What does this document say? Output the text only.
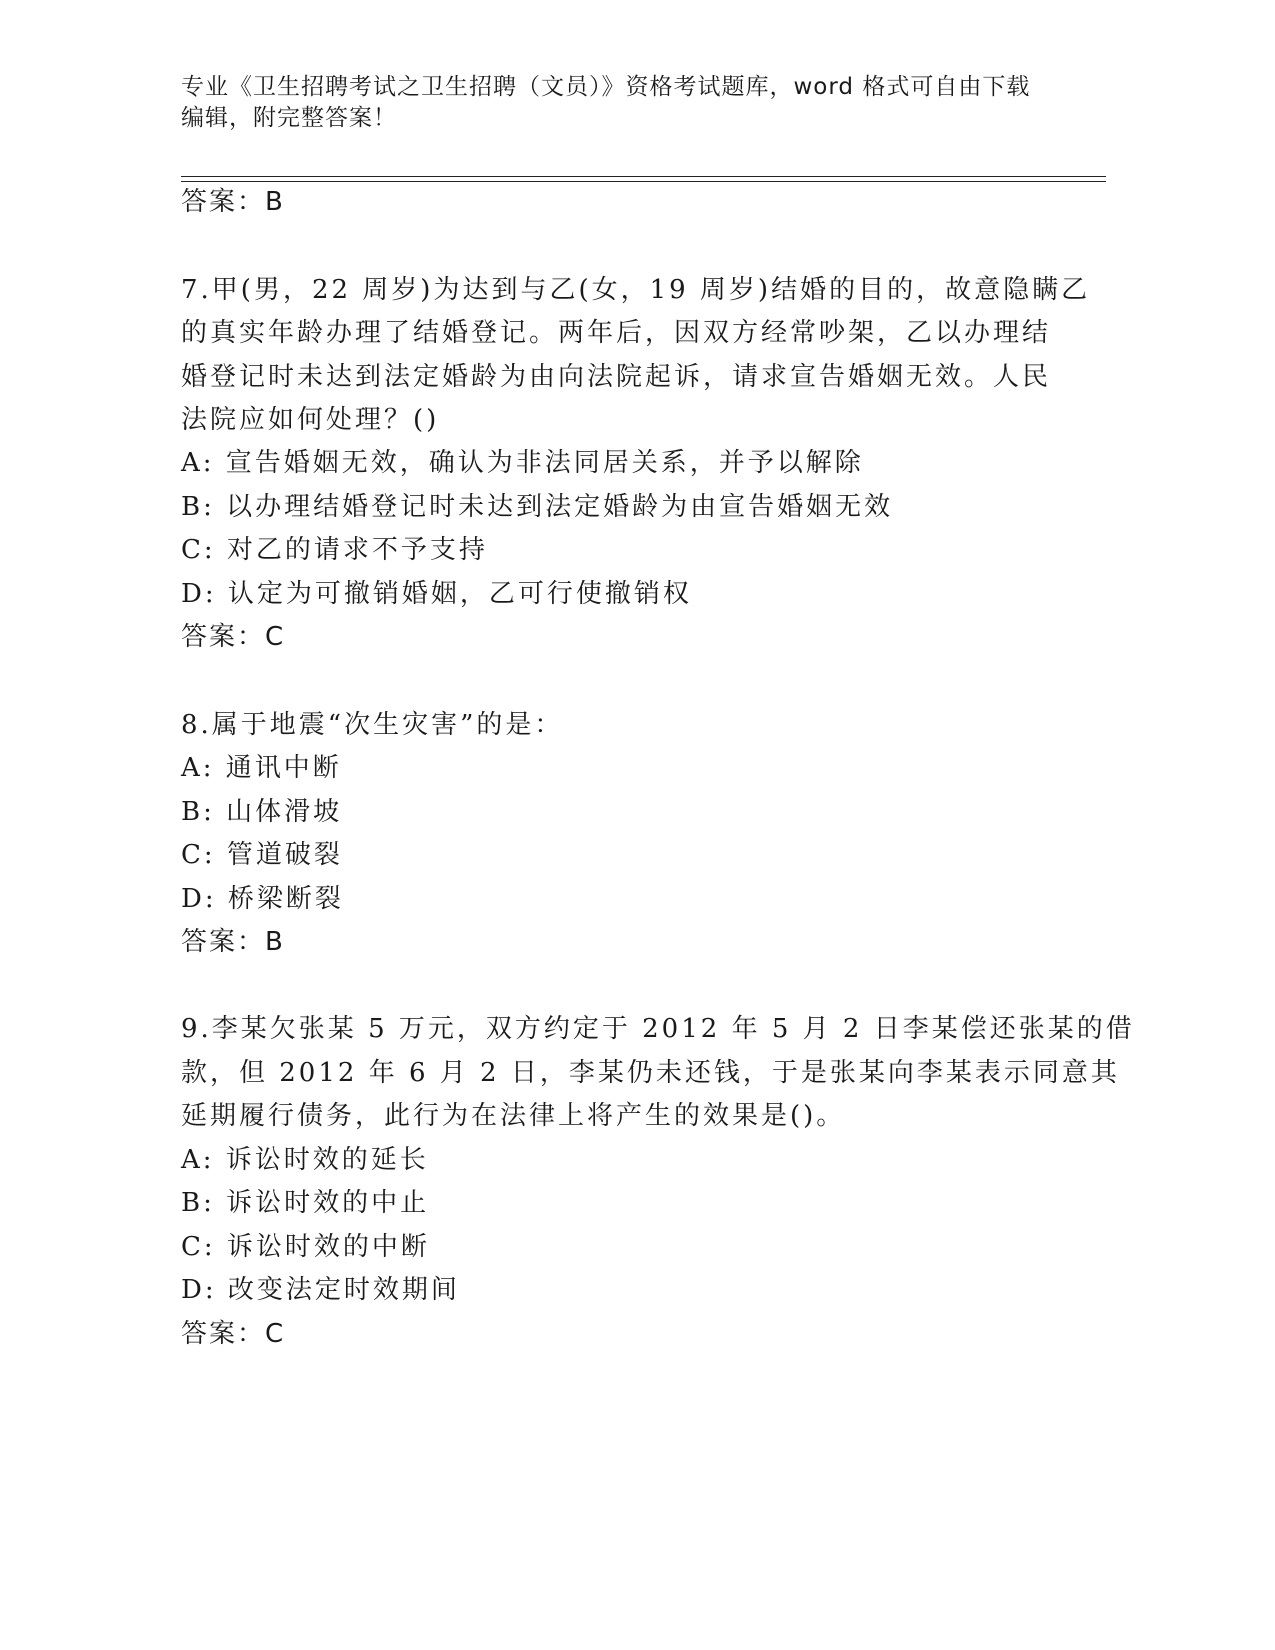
专业《卫生招聘考试之卫生招聘（文员）》资格考试题库，word 格式可自由下载
编辑，附完整答案！
答案：B
7.甲(男，22 周岁)为达到与乙(女，19 周岁)结婚的目的，故意隐瞒乙
的真实年龄办理了结婚登记。两年后，因双方经常吵架，乙以办理结
婚登记时未达到法定婚龄为由向法院起诉，请求宣告婚姻无效。人民
法院应如何处理？()
A: 宣告婚姻无效，确认为非法同居关系，并予以解除
B: 以办理结婚登记时未达到法定婚龄为由宣告婚姻无效
C: 对乙的请求不予支持
D: 认定为可撤销婚姻，乙可行使撤销权
答案：C
8.属于地震“次生灾害”的是：
A: 通讯中断
B: 山体滑坡
C: 管道破裂
D: 桥梁断裂
答案：B
9.李某欠张某 5 万元，双方约定于 2012 年 5 月 2 日李某偿还张某的借
款，但 2012 年 6 月 2 日，李某仍未还钱，于是张某向李某表示同意其
延期履行债务，此行为在法律上将产生的效果是()。
A: 诉讼时效的延长
B: 诉讼时效的中止
C: 诉讼时效的中断
D: 改变法定时效期间
答案：C
